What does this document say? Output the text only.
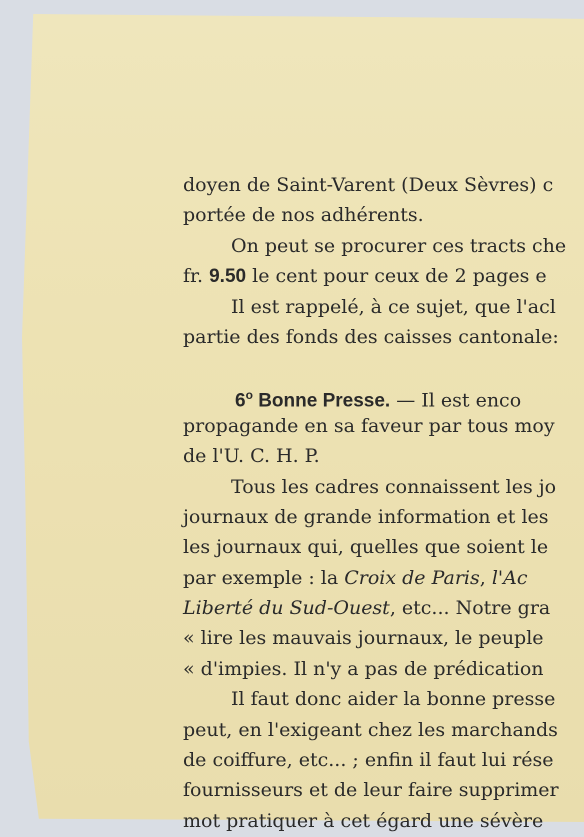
doyen de Saint-Varent (Deux Sèvres) c
portée de nos adhérents.
On peut se procurer ces tracts che
fr. 9.50 le cent pour ceux de 2 pages e
Il est rappelé, à ce sujet, que l'acl
partie des fonds des caisses cantonale:
6$^o$ Bonne Presse. — Il est enco
propagande en sa faveur par tous moy
de l'U. C. H. P.
Tous les cadres connaissent les jo
journaux de grande information et les
les journaux qui, quelles que soient le
par exemple : la Croix de Paris, l'Ac
Liberté du Sud-Ouest, etc... Notre gra
« lire les mauvais journaux, le peuple
« d'impies. Il n'y a pas de prédication
Il faut donc aider la bonne presse
peut, en l'exigeant chez les marchands
de coiffure, etc... ; enfin il faut lui rése
fournisseurs et de leur faire supprimer
mot pratiquer à cet égard une sévère
